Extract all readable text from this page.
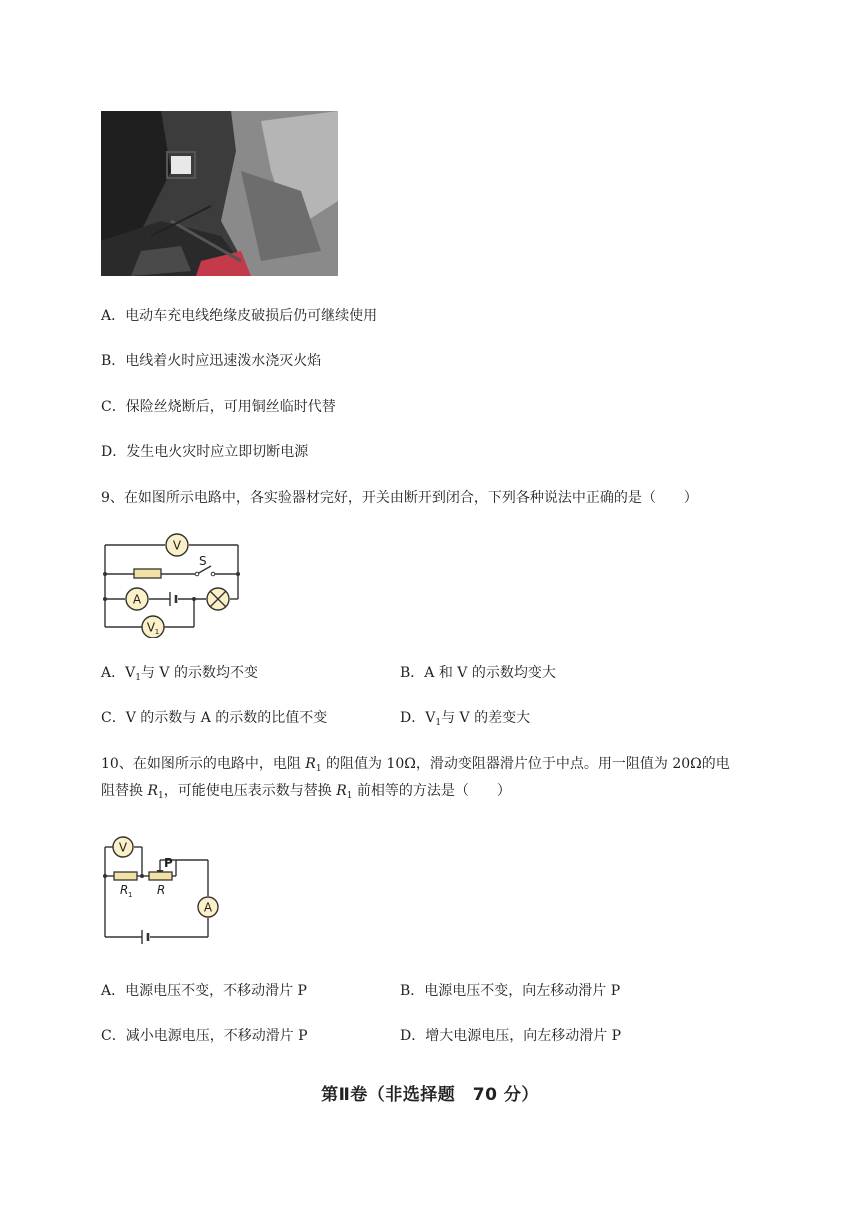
A．电动车充电线绝缘皮破损后仍可继续使用
B．电线着火时应迅速泼水浇灭火焰
C．保险丝烧断后，可用铜丝临时代替
D．发生电火灾时应立即切断电源
9、在如图所示电路中，各实验器材完好，开关由断开到闭合，下列各种说法中正确的是（　　）
V
S
A
V 1
A．$V_1$与 V 的示数均不变	B．A 和 V 的示数均变大
C．V 的示数与 A 的示数的比值不变	D．$V_1$与 V 的差变大
10、在如图所示的电路中，电阻 $R_1$ 的阻值为 10Ω，滑动变阻器滑片位于中点。用一阻值为 20Ω的电
阻替换 $R_1$，可能使电压表示数与替换 $R_1$ 前相等的方法是（　　）
V
P
R 1 R
A
A．电源电压不变，不移动滑片 P	B．电源电压不变，向左移动滑片 P
C．减小电源电压，不移动滑片 P	D．增大电源电压，向左移动滑片 P
第Ⅱ卷（非选择题　70 分）
